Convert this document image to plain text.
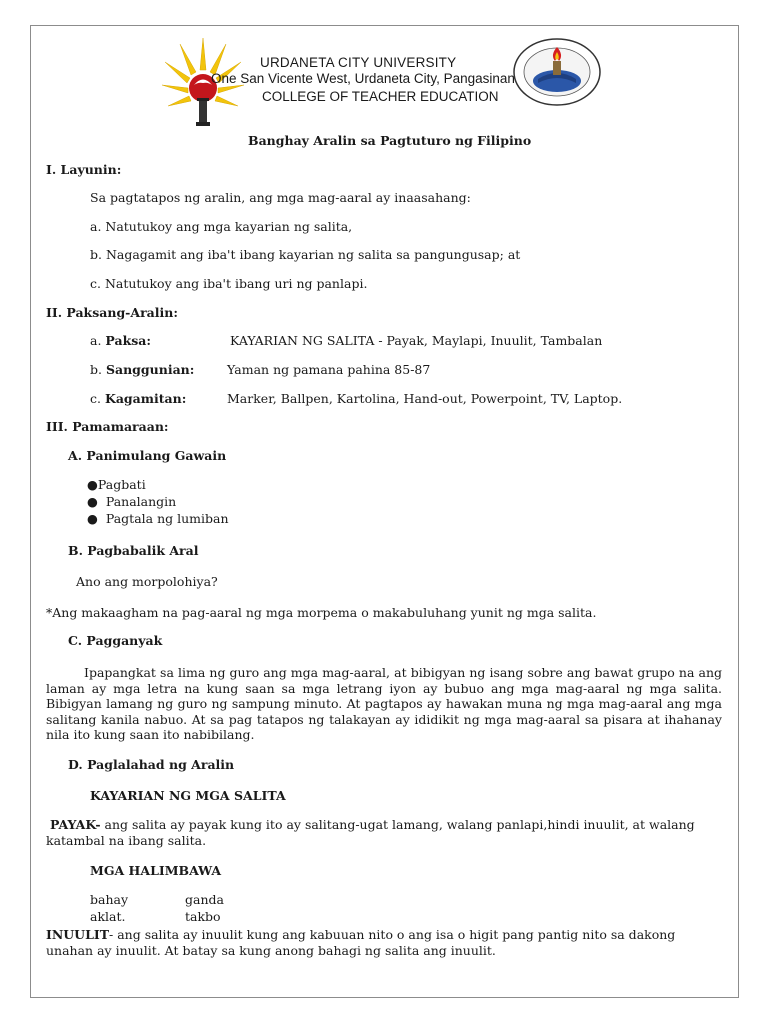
URDANETA CITY UNIVERSITY
One San Vicente West, Urdaneta City, Pangasinan
COLLEGE OF TEACHER EDUCATION
Banghay Aralin sa Pagtuturo ng Filipino
I. Layunin:
Sa pagtatapos ng aralin, ang mga mag-aaral ay inaasahang:
a. Natutukoy ang mga kayarian ng salita,
b. Nagagamit ang iba't ibang kayarian ng salita sa pangungusap; at
c. Natutukoy ang iba't ibang uri ng panlapi.
II. Paksang-Aralin:
a. Paksa:	KAYARIAN NG SALITA - Payak, Maylapi, Inuulit, Tambalan
b. Sanggunian:	Yaman ng pamana pahina 85-87
c. Kagamitan:	Marker, Ballpen, Kartolina, Hand-out, Powerpoint, TV, Laptop.
III. Pamamaraan:
A. Panimulang Gawain
●Pagbati
● Panalangin
● Pagtala ng lumiban
B. Pagbabalik Aral
Ano ang morpolohiya?
*Ang makaagham na pag-aaral ng mga morpema o makabuluhang yunit ng mga salita.
C. Pagganyak
Ipapangkat sa lima ng guro ang mga mag-aaral, at bibigyan ng isang sobre ang bawat grupo na ang laman ay mga letra na kung saan sa mga letrang iyon ay bubuo ang mga mag-aaral ng mga salita. Bibigyan lamang ng guro ng sampung minuto. At pagtapos ay hawakan muna ng mga mag-aaral ang mga salitang kanila nabuo. At sa pag tatapos ng talakayan ay ididikit ng mga mag-aaral sa pisara at ihahanay nila ito kung saan ito nabibilang.
D. Paglalahad ng Aralin
KAYARIAN NG MGA SALITA
PAYAK- ang salita ay payak kung ito ay salitang-ugat lamang, walang panlapi,hindi inuulit, at walang katambal na ibang salita.
MGA HALIMBAWA
bahay	ganda
aklat.	takbo
INUULIT- ang salita ay inuulit kung ang kabuuan nito o ang isa o higit pang pantig nito sa dakong unahan ay inuulit. At batay sa kung anong bahagi ng salita ang inuulit.
